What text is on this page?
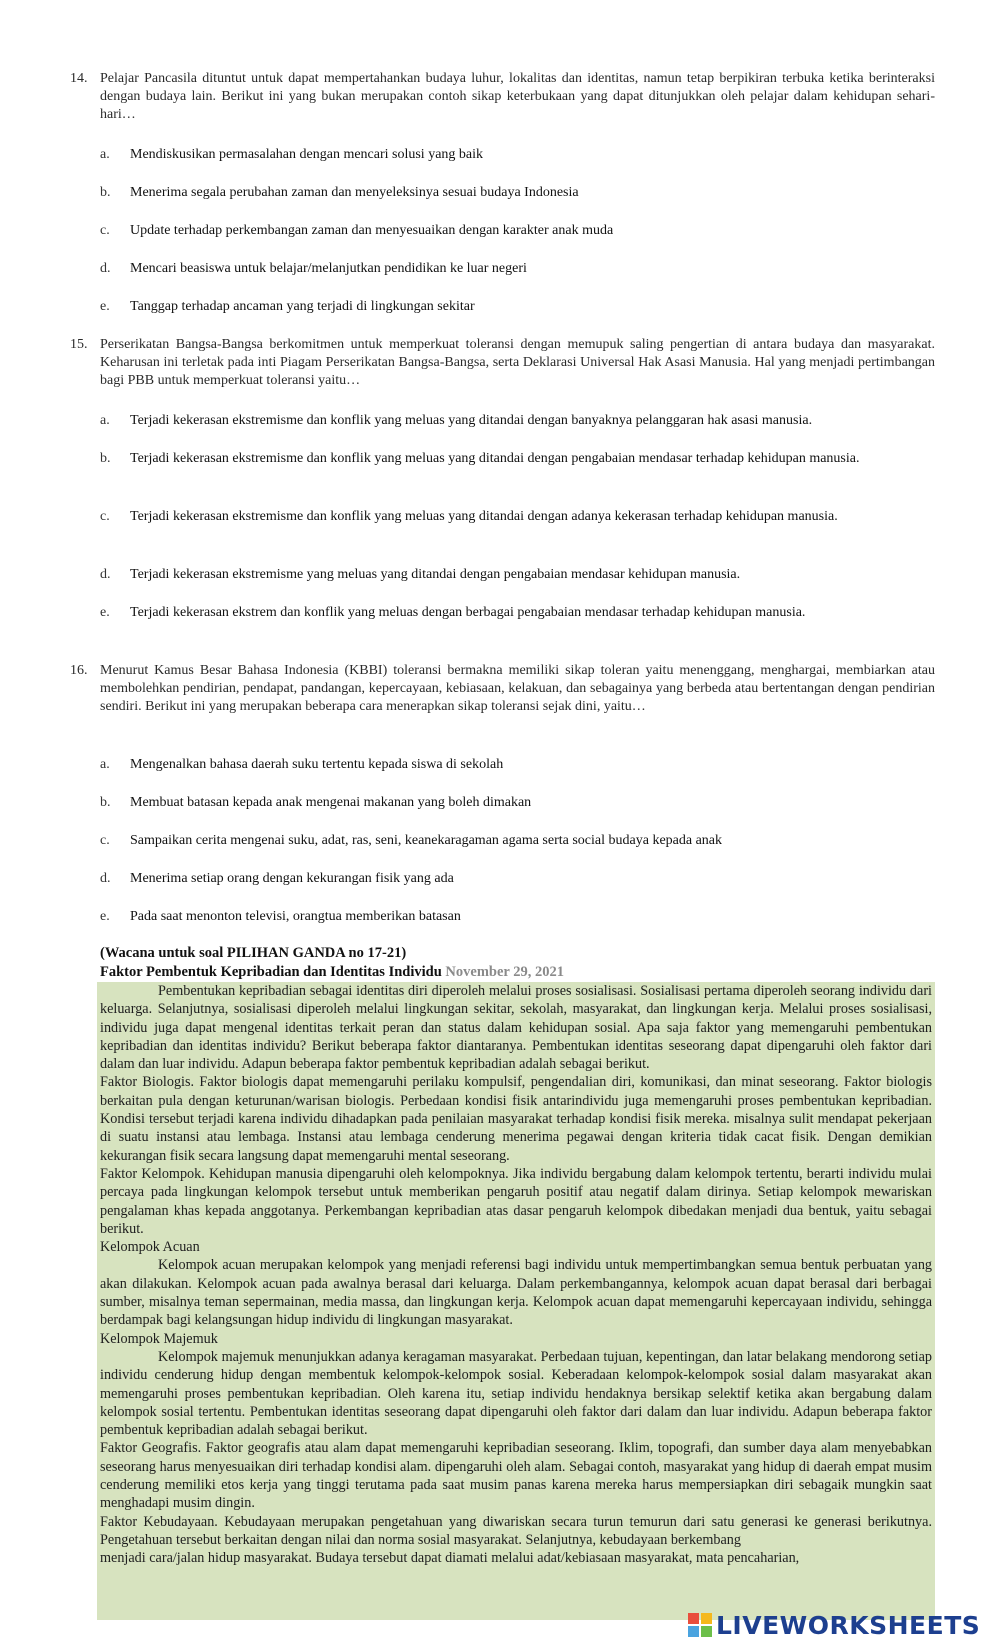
14. Pelajar Pancasila dituntut untuk dapat mempertahankan budaya luhur, lokalitas dan identitas, namun tetap berpikiran terbuka ketika berinteraksi dengan budaya lain. Berikut ini yang bukan merupakan contoh sikap keterbukaan yang dapat ditunjukkan oleh pelajar dalam kehidupan sehari-hari…
a.	Mendiskusikan permasalahan dengan mencari solusi yang baik
b.	Menerima segala perubahan zaman dan menyeleksinya sesuai budaya Indonesia
c.	Update terhadap perkembangan zaman dan menyesuaikan dengan karakter anak muda
d.	Mencari beasiswa untuk belajar/melanjutkan pendidikan ke luar negeri
e.	Tanggap terhadap ancaman yang terjadi di lingkungan sekitar
15. Perserikatan Bangsa-Bangsa berkomitmen untuk memperkuat toleransi dengan memupuk saling pengertian di antara budaya dan masyarakat. Keharusan ini terletak pada inti Piagam Perserikatan Bangsa-Bangsa, serta Deklarasi Universal Hak Asasi Manusia. Hal yang menjadi pertimbangan bagi PBB untuk memperkuat toleransi yaitu…
a.	Terjadi kekerasan ekstremisme dan konflik yang meluas yang ditandai dengan banyaknya pelanggaran hak asasi manusia.
b.	Terjadi kekerasan ekstremisme dan konflik yang meluas yang ditandai dengan pengabaian mendasar terhadap kehidupan manusia.
c.	Terjadi kekerasan ekstremisme dan konflik yang meluas yang ditandai dengan adanya kekerasan terhadap kehidupan manusia.
d.	Terjadi kekerasan ekstremisme yang meluas yang ditandai dengan pengabaian mendasar kehidupan manusia.
e.	Terjadi kekerasan ekstrem dan konflik yang meluas dengan berbagai pengabaian mendasar terhadap kehidupan manusia.
16. Menurut Kamus Besar Bahasa Indonesia (KBBI) toleransi bermakna memiliki sikap toleran yaitu menenggang, menghargai, membiarkan atau membolehkan pendirian, pendapat, pandangan, kepercayaan, kebiasaan, kelakuan, dan sebagainya yang berbeda atau bertentangan dengan pendirian sendiri. Berikut ini yang merupakan beberapa cara menerapkan sikap toleransi sejak dini, yaitu…
a.	Mengenalkan bahasa daerah suku tertentu kepada siswa di sekolah
b.	Membuat batasan kepada anak mengenai makanan yang boleh dimakan
c.	Sampaikan cerita mengenai suku, adat, ras, seni, keanekaragaman agama serta social budaya kepada anak
d.	Menerima setiap orang dengan kekurangan fisik yang ada
e.	Pada saat menonton televisi, orangtua memberikan batasan
(Wacana untuk soal PILIHAN GANDA no 17-21)
Faktor Pembentuk Kepribadian dan Identitas Individu November 29, 2021

Pembentukan kepribadian sebagai identitas diri diperoleh melalui proses sosialisasi. Sosialisasi pertama diperoleh seorang individu dari keluarga. Selanjutnya, sosialisasi diperoleh melalui lingkungan sekitar, sekolah, masyarakat, dan lingkungan kerja. Melalui proses sosialisasi, individu juga dapat mengenal identitas terkait peran dan status dalam kehidupan sosial. Apa saja faktor yang memengaruhi pembentukan kepribadian dan identitas individu? Berikut beberapa faktor diantaranya. Pembentukan identitas seseorang dapat dipengaruhi oleh faktor dari dalam dan luar individu. Adapun beberapa faktor pembentuk kepribadian adalah sebagai berikut.

Faktor Biologis. Faktor biologis dapat memengaruhi perilaku kompulsif, pengendalian diri, komunikasi, dan minat seseorang. Faktor biologis berkaitan pula dengan keturunan/warisan biologis. Perbedaan kondisi fisik antarindividu juga memengaruhi proses pembentukan kepribadian. Kondisi tersebut terjadi karena individu dihadapkan pada penilaian masyarakat terhadap kondisi fisik mereka. misalnya sulit mendapat pekerjaan di suatu instansi atau lembaga. Instansi atau lembaga cenderung menerima pegawai dengan kriteria tidak cacat fisik. Dengan demikian kekurangan fisik secara langsung dapat memengaruhi mental seseorang.

Faktor Kelompok. Kehidupan manusia dipengaruhi oleh kelompoknya. Jika individu bergabung dalam kelompok tertentu, berarti individu mulai percaya pada lingkungan kelompok tersebut untuk memberikan pengaruh positif atau negatif dalam dirinya. Setiap kelompok mewariskan pengalaman khas kepada anggotanya. Perkembangan kepribadian atas dasar pengaruh kelompok dibedakan menjadi dua bentuk, yaitu sebagai berikut.

Kelompok Acuan

Kelompok acuan merupakan kelompok yang menjadi referensi bagi individu untuk mempertimbangkan semua bentuk perbuatan yang akan dilakukan. Kelompok acuan pada awalnya berasal dari keluarga. Dalam perkembangannya, kelompok acuan dapat berasal dari berbagai sumber, misalnya teman sepermainan, media massa, dan lingkungan kerja. Kelompok acuan dapat memengaruhi kepercayaan individu, sehingga berdampak bagi kelangsungan hidup individu di lingkungan masyarakat.

Kelompok Majemuk

Kelompok majemuk menunjukkan adanya keragaman masyarakat. Perbedaan tujuan, kepentingan, dan latar belakang mendorong setiap individu cenderung hidup dengan membentuk kelompok-kelompok sosial. Keberadaan kelompok-kelompok sosial dalam masyarakat akan memengaruhi proses pembentukan kepribadian. Oleh karena itu, setiap individu hendaknya bersikap selektif ketika akan bergabung dalam kelompok sosial tertentu. Pembentukan identitas seseorang dapat dipengaruhi oleh faktor dari dalam dan luar individu. Adapun beberapa faktor pembentuk kepribadian adalah sebagai berikut.

Faktor Geografis. Faktor geografis atau alam dapat memengaruhi kepribadian seseorang. Iklim, topografi, dan sumber daya alam menyebabkan seseorang harus menyesuaikan diri terhadap kondisi alam. dipengaruhi oleh alam. Sebagai contoh, masyarakat yang hidup di daerah empat musim cenderung memiliki etos kerja yang tinggi terutama pada saat musim panas karena mereka harus mempersiapkan diri sebagaik mungkin saat menghadapi musim dingin.

Faktor Kebudayaan. Kebudayaan merupakan pengetahuan yang diwariskan secara turun temurun dari satu generasi ke generasi berikutnya. Pengetahuan tersebut berkaitan dengan nilai dan norma sosial masyarakat. Selanjutnya, kebudayaan berkembang

menjadi cara/jalan hidup masyarakat. Budaya tersebut dapat diamati melalui adat/kebiasaan masyarakat, mata pencaharian,

LIVEWORKSHEETS
